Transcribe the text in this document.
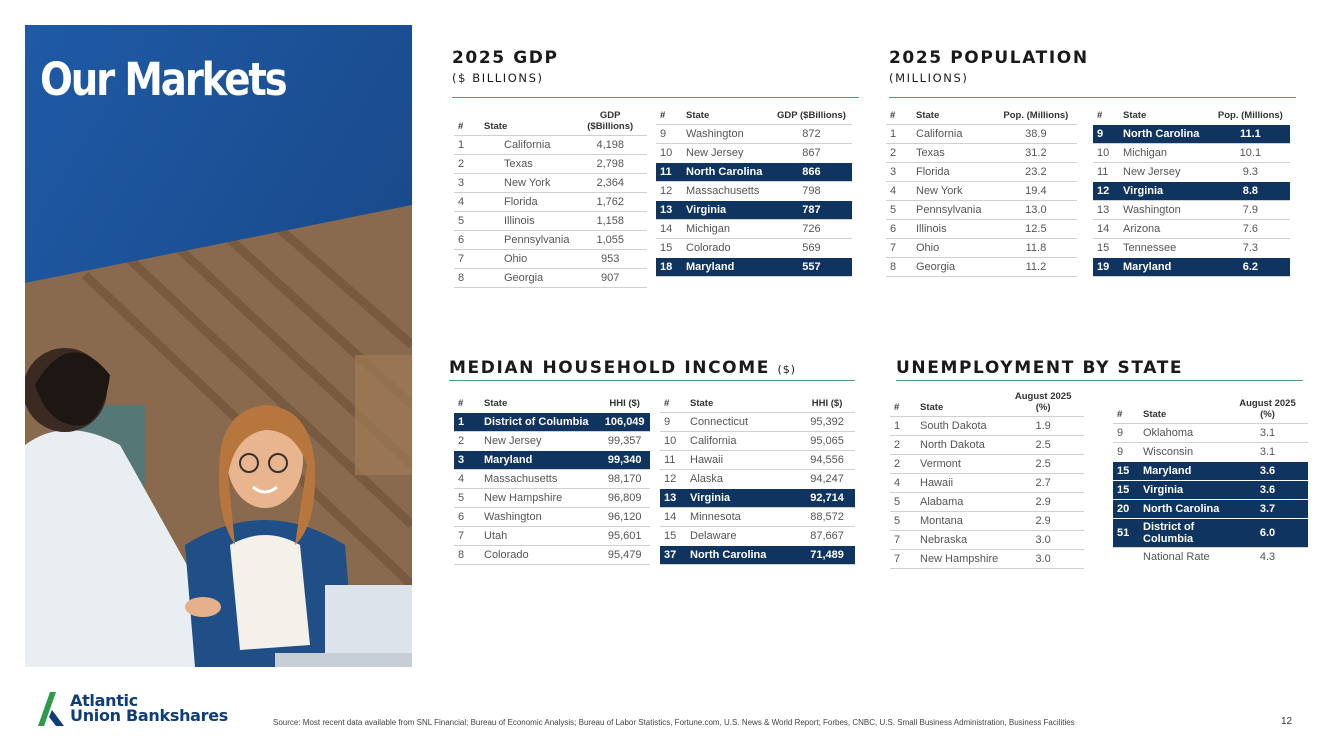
Our Markets	2025 GDP
($ BILLIONS)
#	State	GDP ($Billions)
1	California	4,198
2	Texas	2,798
3	New York	2,364
4	Florida	1,762
5	Illinois	1,158
6	Pennsylvania	1,055
7	Ohio	953
8	Georgia	907
#	State	GDP ($Billions)
9	Washington	872
10	New Jersey	867
11	North Carolina	866
12	Massachusetts	798
13	Virginia	787
14	Michigan	726
15	Colorado	569
18	Maryland	557
2025 POPULATION
(MILLIONS)
#	State	Pop. (Millions)
1	California	38.9
2	Texas	31.2
3	Florida	23.2
4	New York	19.4
5	Pennsylvania	13.0
6	Illinois	12.5
7	Ohio	11.8
8	Georgia	11.2
#	State	Pop. (Millions)
9	North Carolina	11.1
10	Michigan	10.1
11	New Jersey	9.3
12	Virginia	8.8
13	Washington	7.9
14	Arizona	7.6
15	Tennessee	7.3
19	Maryland	6.2
MEDIAN HOUSEHOLD INCOME ($)
#	State	HHI ($)
1	District of Columbia	106,049
2	New Jersey	99,357
3	Maryland	99,340
4	Massachusetts	98,170
5	New Hampshire	96,809
6	Washington	96,120
7	Utah	95,601
8	Colorado	95,479
#	State	HHI ($)
9	Connecticut	95,392
10	California	95,065
11	Hawaii	94,556
12	Alaska	94,247
13	Virginia	92,714
14	Minnesota	88,572
15	Delaware	87,667
37	North Carolina	71,489
UNEMPLOYMENT BY STATE
#	State	August 2025 (%)
1	South Dakota	1.9
2	North Dakota	2.5
2	Vermont	2.5
4	Hawaii	2.7
5	Alabama	2.9
5	Montana	2.9
7	Nebraska	3.0
7	New Hampshire	3.0
#	State	August 2025 (%)
9	Oklahoma	3.1
9	Wisconsin	3.1
15	Maryland	3.6
15	Virginia	3.6
20	North Carolina	3.7
51	District of Columbia	6.0
	National Rate	4.3
Atlantic
Union Bankshares	Source: Most recent data available from SNL Financial; Bureau of Economic Analysis; Bureau of Labor Statistics, Fortune.com, U.S. News & World Report; Forbes, CNBC, U.S. Small Business Administration, Business Facilities	12
